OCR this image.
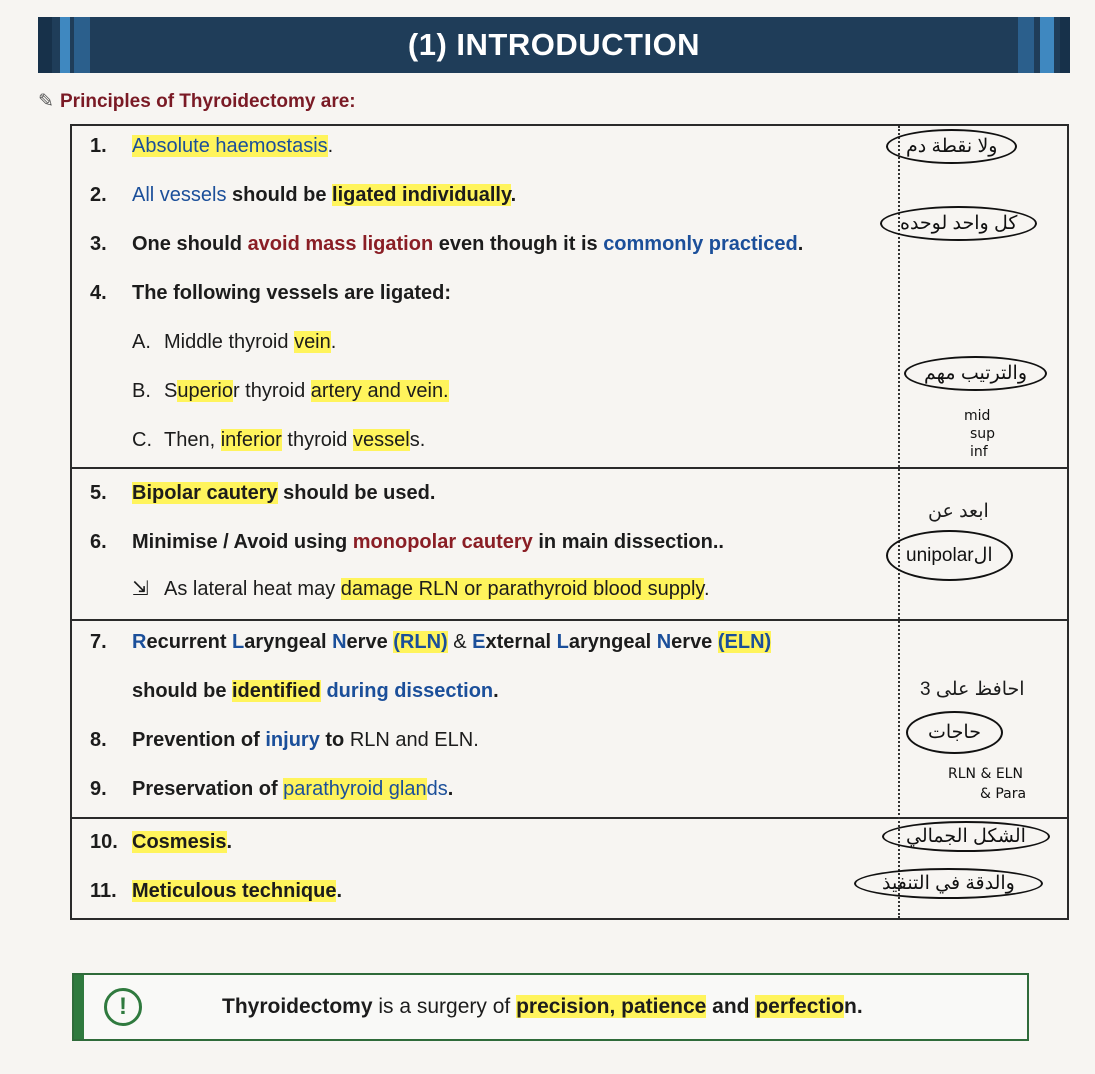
(1) INTRODUCTION
✎ Principles of Thyroidectomy are:
1. Absolute haemostasis.
2. All vessels should be ligated individually.
3. One should avoid mass ligation even though it is commonly practiced.
4. The following vessels are ligated:
A. Middle thyroid vein.
B. Superior thyroid artery and vein.
C. Then, inferior thyroid vessels.
5. Bipolar cautery should be used.
6. Minimise / Avoid using monopolar cautery in main dissection..
⇲ As lateral heat may damage RLN or parathyroid blood supply.
7. Recurrent Laryngeal Nerve (RLN) & External Laryngeal Nerve (ELN)
should be identified during dissection.
8. Prevention of injury to RLN and ELN.
9. Preservation of parathyroid glands.
10. Cosmesis.
11. Meticulous technique.
ولا نقطة دم
كل واحد لوحده
والترتيب مهم
mid
sup
inf
ابعد عن
unipolarال
احافظ على 3
حاجات
RLN & ELN
& Para
الشكل الجمالي
والدقة في التنفيذ
!	Thyroidectomy is a surgery of precision, patience and perfection.
